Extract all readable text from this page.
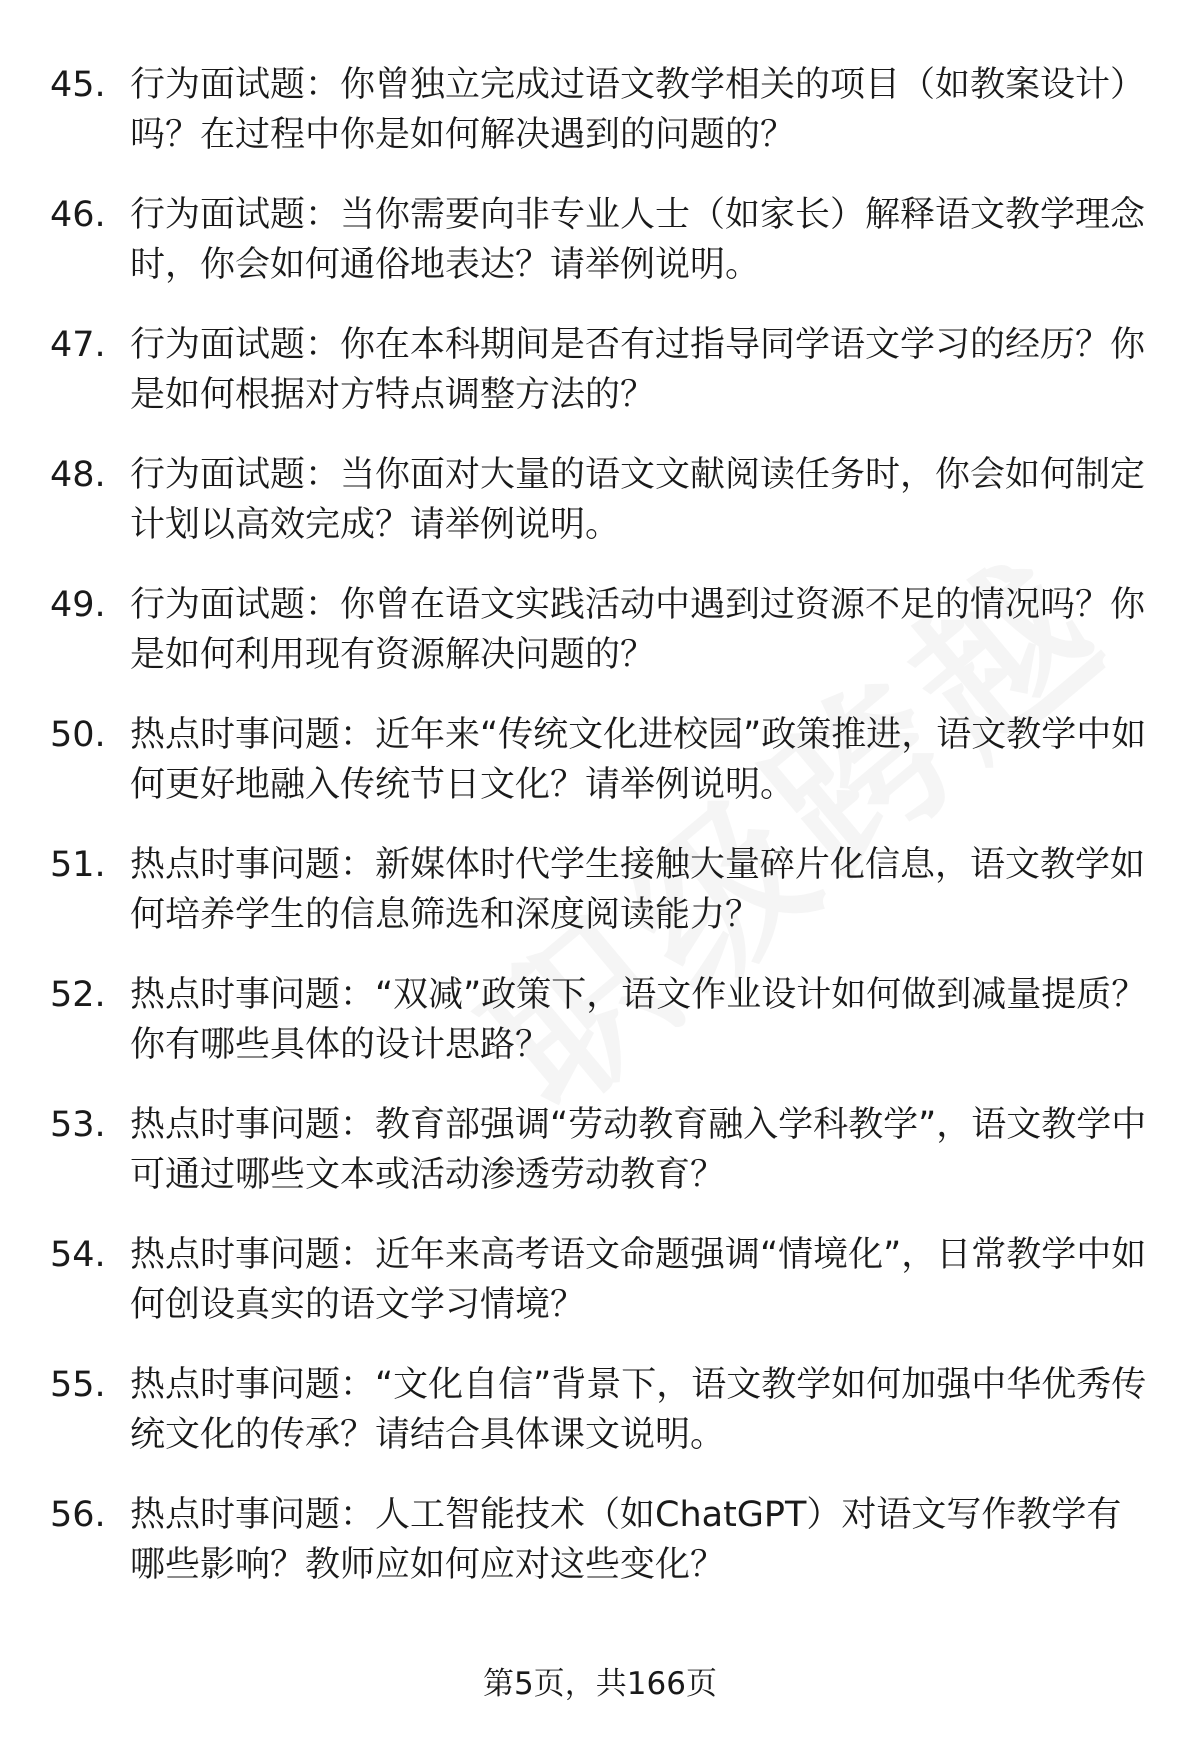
45. 行为面试题：你曾独立完成过语文教学相关的项目（如教案设计）吗？在过程中你是如何解决遇到的问题的？
46. 行为面试题：当你需要向非专业人士（如家长）解释语文教学理念时，你会如何通俗地表达？请举例说明。
47. 行为面试题：你在本科期间是否有过指导同学语文学习的经历？你是如何根据对方特点调整方法的？
48. 行为面试题：当你面对大量的语文文献阅读任务时，你会如何制定计划以高效完成？请举例说明。
49. 行为面试题：你曾在语文实践活动中遇到过资源不足的情况吗？你是如何利用现有资源解决问题的？
50. 热点时事问题：近年来“传统文化进校园”政策推进，语文教学中如何更好地融入传统节日文化？请举例说明。
51. 热点时事问题：新媒体时代学生接触大量碎片化信息，语文教学如何培养学生的信息筛选和深度阅读能力？
52. 热点时事问题：“双减”政策下，语文作业设计如何做到减量提质？你有哪些具体的设计思路？
53. 热点时事问题：教育部强调“劳动教育融入学科教学”，语文教学中可通过哪些文本或活动渗透劳动教育？
54. 热点时事问题：近年来高考语文命题强调“情境化”，日常教学中如何创设真实的语文学习情境？
55. 热点时事问题：“文化自信”背景下，语文教学如何加强中华优秀传统文化的传承？请结合具体课文说明。
56. 热点时事问题：人工智能技术（如ChatGPT）对语文写作教学有哪些影响？教师应如何应对这些变化？
第5页，共166页
